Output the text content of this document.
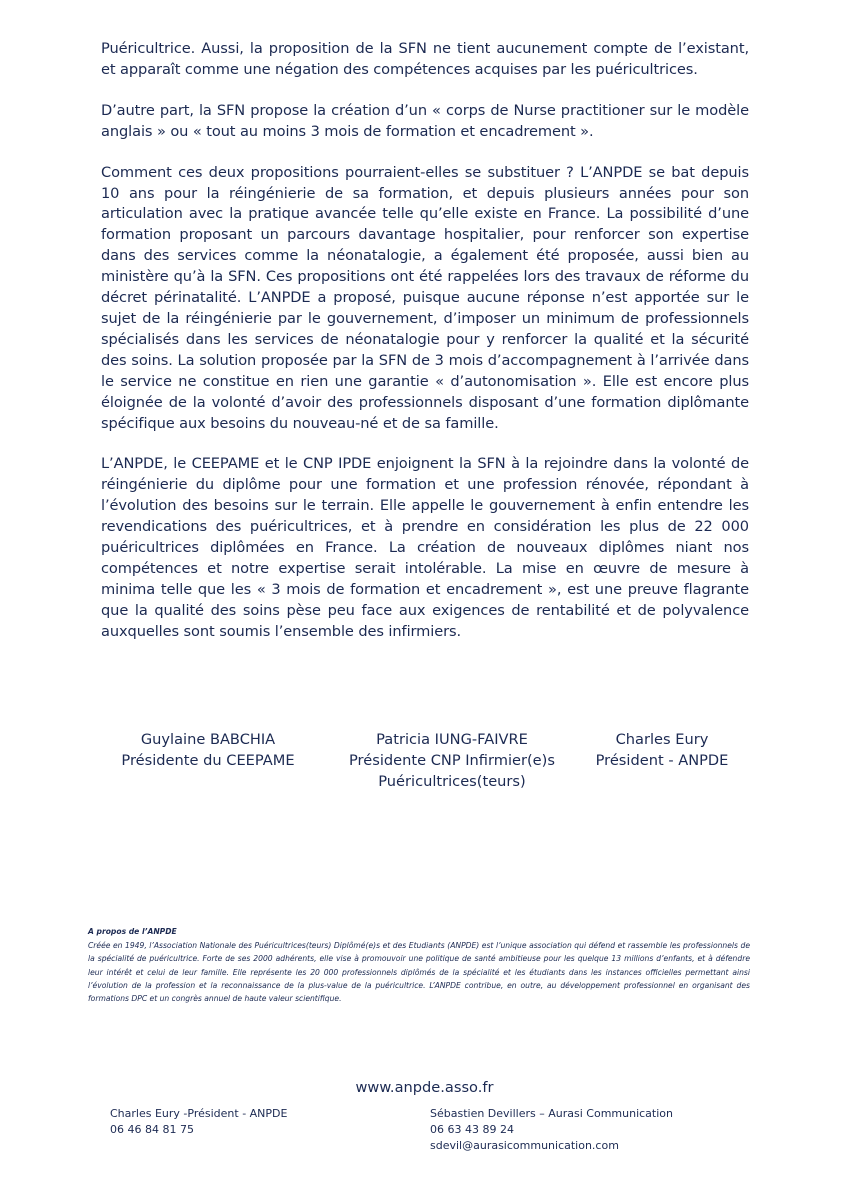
Puéricultrice. Aussi, la proposition de la SFN ne tient aucunement compte de l’existant, et apparaît comme une négation des compétences acquises par les puéricultrices.

D’autre part, la SFN propose la création d’un « corps de Nurse practitioner sur le modèle anglais » ou « tout au moins 3 mois de formation et encadrement ».

Comment ces deux propositions pourraient-elles se substituer ? L’ANPDE se bat depuis 10 ans pour la réingénierie de sa formation, et depuis plusieurs années pour son articulation avec la pratique avancée telle qu’elle existe en France. La possibilité d’une formation proposant un parcours davantage hospitalier, pour renforcer son expertise dans des services comme la néonatalogie, a également été proposée, aussi bien au ministère qu’à la SFN. Ces propositions ont été rappelées lors des travaux de réforme du décret périnatalité. L’ANPDE a proposé, puisque aucune réponse n’est apportée sur le sujet de la réingénierie par le gouvernement, d’imposer un minimum de professionnels spécialisés dans les services de néonatalogie pour y renforcer la qualité et la sécurité des soins. La solution proposée par la SFN de 3 mois d’accompagnement à l’arrivée dans le service ne constitue en rien une garantie « d’autonomisation ». Elle est encore plus éloignée de la volonté d’avoir des professionnels disposant d’une formation diplômante spécifique aux besoins du nouveau-né et de sa famille.

L’ANPDE, le CEEPAME et le CNP IPDE enjoignent la SFN à la rejoindre dans la volonté de réingénierie du diplôme pour une formation et une profession rénovée, répondant à l’évolution des besoins sur le terrain. Elle appelle le gouvernement à enfin entendre les revendications des puéricultrices, et à prendre en considération les plus de 22 000 puéricultrices diplômées en France. La création de nouveaux diplômes niant nos compétences et notre expertise serait intolérable. La mise en œuvre de mesure à minima telle que les « 3 mois de formation et encadrement », est une preuve flagrante que la qualité des soins pèse peu face aux exigences de rentabilité et de polyvalence auxquelles sont soumis l’ensemble des infirmiers.

Guylaine BABCHIA
Présidente du CEEPAME
Patricia IUNG-FAIVRE
Présidente CNP Infirmier(e)s
Puéricultrices(teurs)
Charles Eury
Président - ANPDE
A propos de l’ANPDE
Créée en 1949, l’Association Nationale des Puéricultrices(teurs) Diplômé(e)s et des Etudiants (ANPDE) est l’unique association qui défend et rassemble les professionnels de la spécialité de puéricultrice. Forte de ses 2000 adhérents, elle vise à promouvoir une politique de santé ambitieuse pour les quelque 13 millions d’enfants, et à défendre leur intérêt et celui de leur famille. Elle représente les 20 000 professionnels diplômés de la spécialité et les étudiants dans les instances officielles permettant ainsi l’évolution de la profession et la reconnaissance de la plus-value de la puéricultrice. L’ANPDE contribue, en outre, au développement professionnel en organisant des formations DPC et un congrès annuel de haute valeur scientifique.
www.anpde.asso.fr
Charles Eury -Président - ANPDE
06 46 84 81 75
Sébastien Devillers – Aurasi Communication
06 63 43 89 24
sdevil@aurasicommunication.com
